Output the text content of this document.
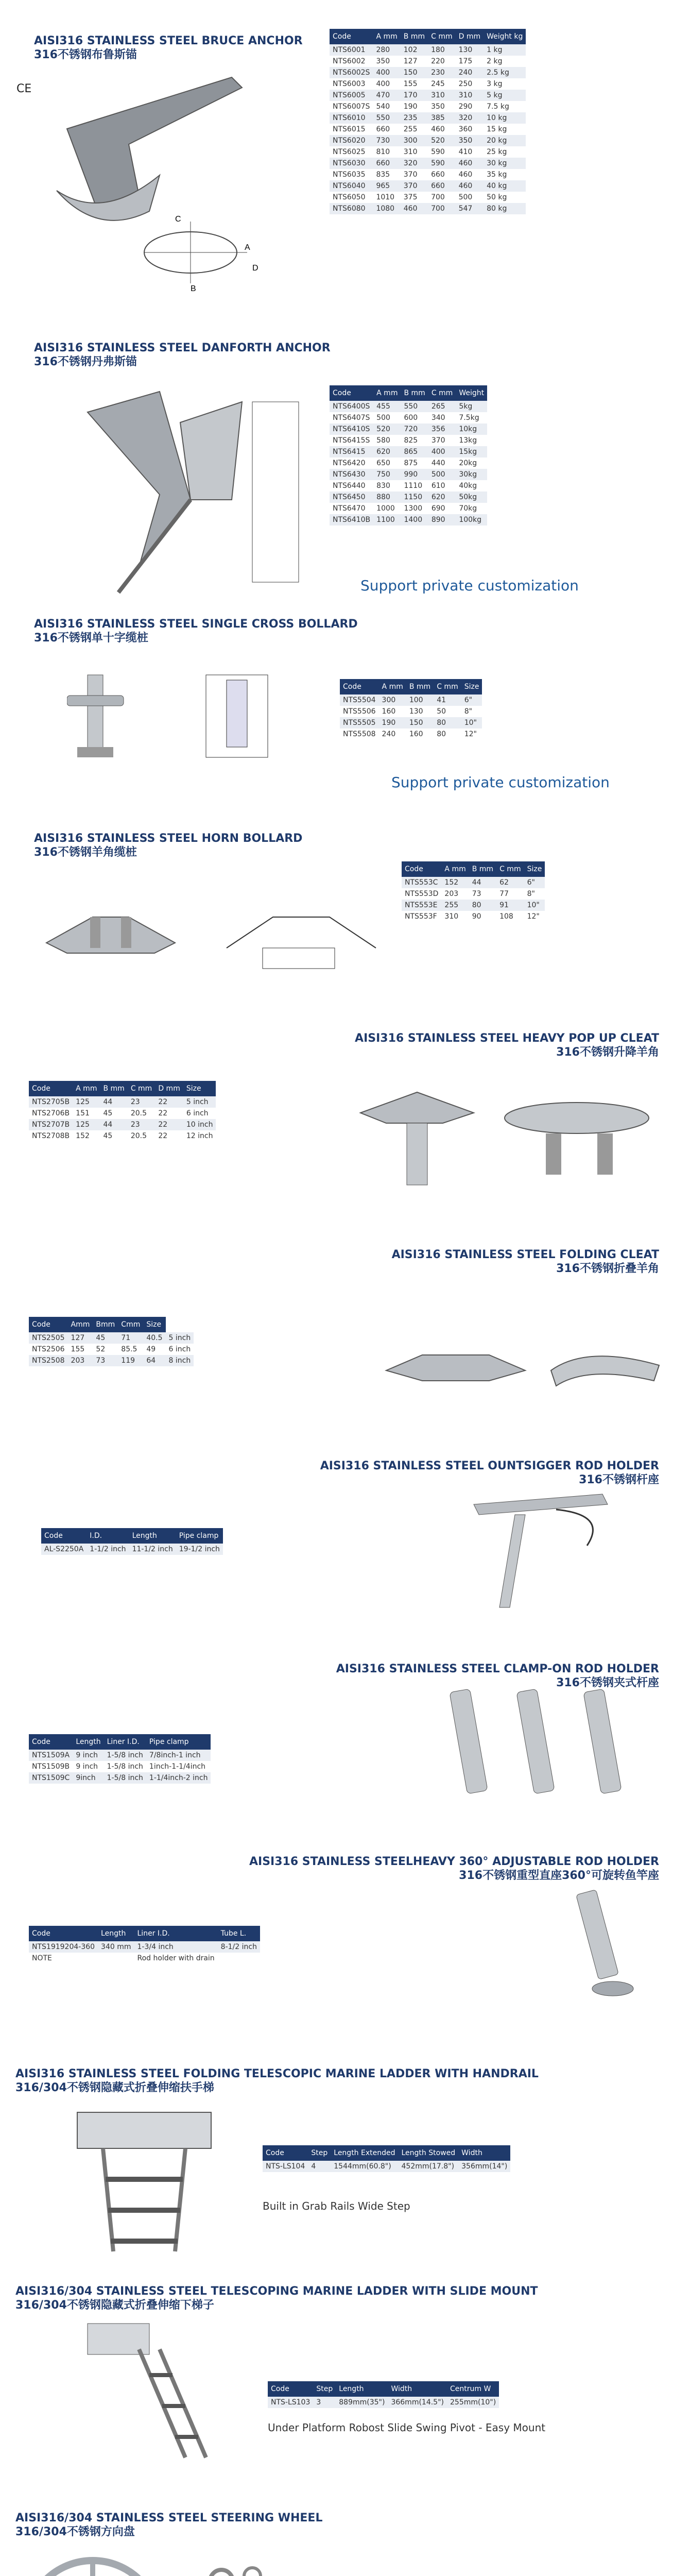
AISI316 STAINLESS STEEL BRUCE ANCHOR
316不锈钢布鲁斯锚
CE
A
B
C
D
Code	A mm	B mm	C mm	D mm	Weight kg
NTS6001	280	102	180	130	1 kg
NTS6002	350	127	220	175	2 kg
NTS6002S	400	150	230	240	2.5 kg
NTS6003	400	155	245	250	3 kg
NTS6005	470	170	310	310	5 kg
NTS6007S	540	190	350	290	7.5 kg
NTS6010	550	235	385	320	10 kg
NTS6015	660	255	460	360	15 kg
NTS6020	730	300	520	350	20 kg
NTS6025	810	310	590	410	25 kg
NTS6030	660	320	590	460	30 kg
NTS6035	835	370	660	460	35 kg
NTS6040	965	370	660	460	40 kg
NTS6050	1010	375	700	500	50 kg
NTS6080	1080	460	700	547	80 kg
AISI316 STAINLESS STEEL DANFORTH ANCHOR
316不锈钢丹弗斯锚
Code	A mm	B mm	C mm	Weight
NTS6400S	455	550	265	5kg
NTS6407S	500	600	340	7.5kg
NTS6410S	520	720	356	10kg
NTS6415S	580	825	370	13kg
NTS6415	620	865	400	15kg
NTS6420	650	875	440	20kg
NTS6430	750	990	500	30kg
NTS6440	830	1110	610	40kg
NTS6450	880	1150	620	50kg
NTS6470	1000	1300	690	70kg
NTS6410B	1100	1400	890	100kg
Support private customization
AISI316 STAINLESS STEEL SINGLE CROSS BOLLARD
316不锈钢单十字缆桩
Code	A mm	B mm	C mm	Size
NTS5504	300	100	41	6"
NTS5506	160	130	50	8"
NTS5505	190	150	80	10"
NTS5508	240	160	80	12"
Support private customization
AISI316 STAINLESS STEEL HORN BOLLARD
316不锈钢羊角缆桩
Code	A mm	B mm	C mm	Size
NTS553C	152	44	62	6"
NTS553D	203	73	77	8"
NTS553E	255	80	91	10"
NTS553F	310	90	108	12"
AISI316 STAINLESS STEEL HEAVY POP UP CLEAT
316不锈钢升降羊角
Code	A mm	B mm	C mm	D mm	Size
NTS2705B	125	44	23	22	5 inch
NTS2706B	151	45	20.5	22	6 inch
NTS2707B	125	44	23	22	10 inch
NTS2708B	152	45	20.5	22	12 inch
AISI316 STAINLESS STEEL FOLDING CLEAT
316不锈钢折叠羊角
Code	Amm	Bmm	Cmm	Size	
NTS2505	127	45	71	40.5	5 inch
NTS2506	155	52	85.5	49	6 inch
NTS2508	203	73	119	64	8 inch
AISI316 STAINLESS STEEL OUNTSIGGER ROD HOLDER
316不锈钢杆座
Code	I.D.	Length	Pipe clamp
AL-S2250A	1-1/2 inch	11-1/2 inch	19-1/2 inch
AISI316 STAINLESS STEEL CLAMP-ON ROD HOLDER
316不锈钢夹式杆座
Code	Length	Liner I.D.	Pipe clamp
NTS1509A	9 inch	1-5/8 inch	7/8inch-1 inch
NTS1509B	9 inch	1-5/8 inch	1inch-1-1/4inch
NTS1509C	9inch	1-5/8 inch	1-1/4inch-2 inch
AISI316 STAINLESS STEELHEAVY 360° ADJUSTABLE ROD HOLDER
316不锈钢重型直座360°可旋转鱼竿座
Code	Length	Liner I.D.	Tube L.
NTS1919204-360	340 mm	1-3/4 inch	8-1/2 inch
NOTE		Rod holder with drain	
AISI316 STAINLESS STEEL FOLDING TELESCOPIC MARINE LADDER WITH HANDRAIL
316/304不锈钢隐藏式折叠伸缩扶手梯
Code	Step	Length Extended	Length Stowed	Width
NTS-LS104	4	1544mm(60.8")	452mm(17.8")	356mm(14")
Built in Grab Rails Wide Step
AISI316/304 STAINLESS STEEL TELESCOPING MARINE LADDER WITH SLIDE MOUNT
316/304不锈钢隐藏式折叠伸缩下梯子
Code	Step	Length	Width	Centrum W
NTS-LS103	3	889mm(35")	366mm(14.5")	255mm(10")
Under Platform Robost Slide Swing Pivot - Easy Mount
AISI316/304 STAINLESS STEEL STEERING WHEEL
316/304不锈钢方向盘
